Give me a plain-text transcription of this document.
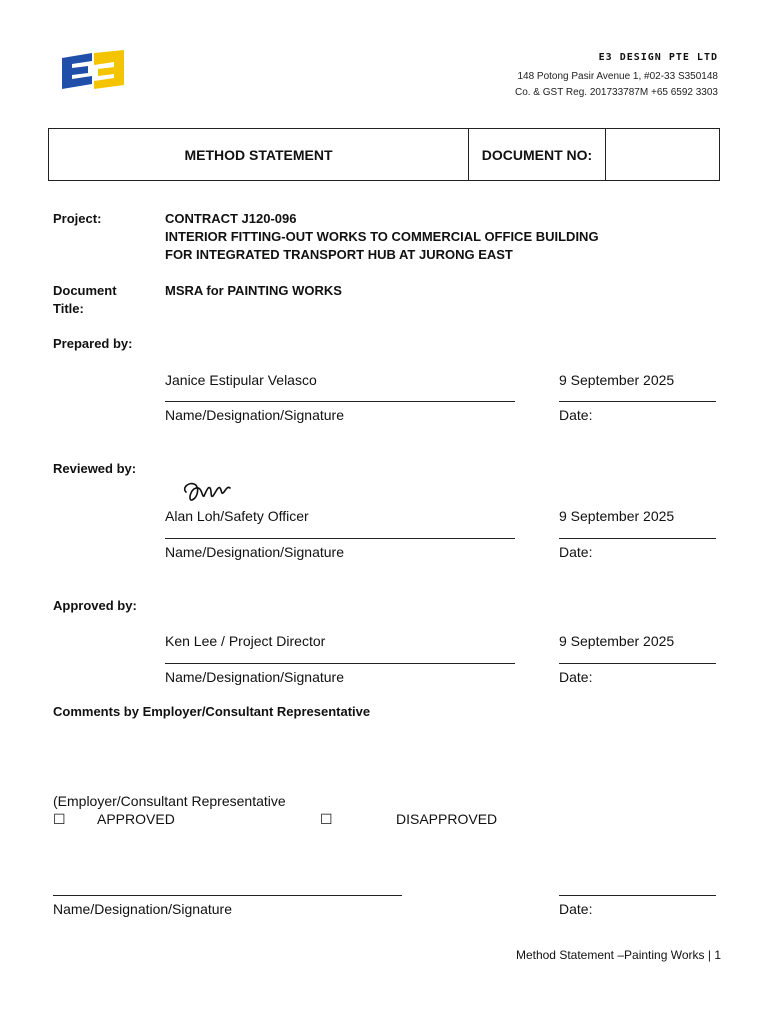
E3 DESIGN PTE LTD
148 Potong Pasir Avenue 1, #02-33 S350148
Co. & GST Reg. 201733787M +65 6592 3303
METHOD STATEMENT	DOCUMENT NO:	
Project:	CONTRACT J120-096
INTERIOR FITTING-OUT WORKS TO COMMERCIAL OFFICE BUILDING
FOR INTEGRATED TRANSPORT HUB AT JURONG EAST
Document
Title:
MSRA for PAINTING WORKS
Prepared by:
Janice Estipular Velasco	9 September 2025
Name/Designation/Signature	Date:
Reviewed by:
Alan Loh/Safety Officer	9 September 2025
Name/Designation/Signature	Date:
Approved by:
Ken Lee / Project Director	9 September 2025
Name/Designation/Signature	Date:
Comments by Employer/Consultant Representative
(Employer/Consultant Representative
☐ APPROVED	☐	DISAPPROVED
Name/Designation/Signature	Date:
Method Statement –Painting Works | 1
